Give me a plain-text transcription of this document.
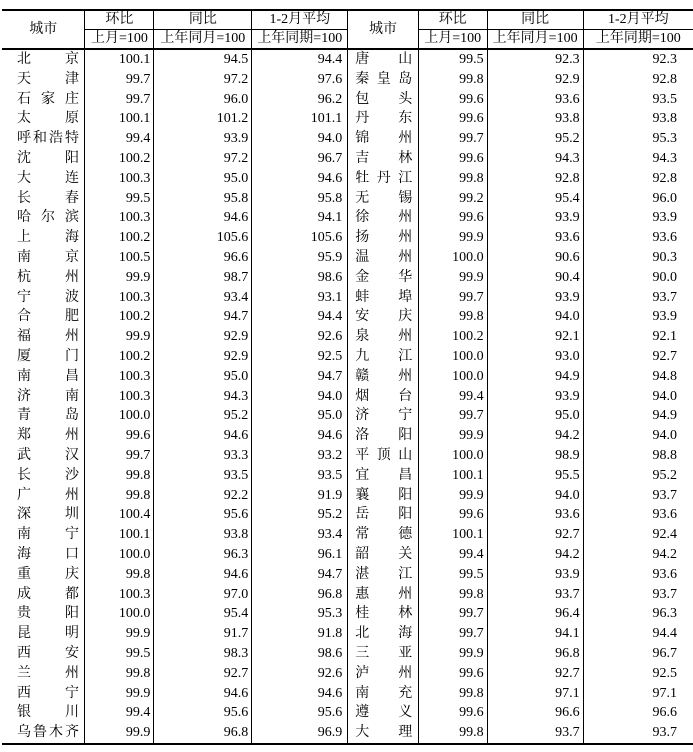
城市	环比	同比	1-2月平均
	上月=100	上年同月=100	上年同期=100

北 京	100.1	94.5	94.4

天 津	99.7	97.2	97.6

石 家 庄	99.7	96.0	96.2

太 原	100.1	101.2	101.1

呼 和 浩 特	99.4	93.9	94.0

沈 阳	100.2	97.2	96.7

大 连	100.3	95.0	94.6

长 春	99.5	95.8	95.8

哈 尔 滨	100.3	94.6	94.1

上 海	100.2	105.6	105.6

南 京	100.5	96.6	95.9

杭 州	99.9	98.7	98.6

宁 波	100.3	93.4	93.1

合 肥	100.2	94.7	94.4

福 州	99.9	92.9	92.6

厦 门	100.2	92.9	92.5

南 昌	100.3	95.0	94.7

济 南	100.3	94.3	94.0

青 岛	100.0	95.2	95.0

郑 州	99.6	94.6	94.6

武 汉	99.7	93.3	93.2

长 沙	99.8	93.5	93.5

广 州	99.8	92.2	91.9

深 圳	100.4	95.6	95.2

南 宁	100.1	93.8	93.4

海 口	100.0	96.3	96.1

重 庆	99.8	94.6	94.7

成 都	100.3	97.0	96.8

贵 阳	100.0	95.4	95.3

昆 明	99.9	91.7	91.8

西 安	99.5	98.3	98.6

兰 州	99.8	92.7	92.6

西 宁	99.9	94.6	94.6

银 川	99.4	95.6	95.6

乌 鲁 木 齐	99.9	96.8	96.9
城市	环比	同比	1-2月平均
	上月=100	上年同月=100	上年同期=100

唐 山	99.5	92.3	92.3

秦 皇 岛	99.8	92.9	92.8

包 头	99.6	93.6	93.5

丹 东	99.6	93.8	93.8

锦 州	99.7	95.2	95.3

吉 林	99.6	94.3	94.3

牡 丹 江	99.8	92.8	92.8

无 锡	99.2	95.4	96.0

徐 州	99.6	93.9	93.9

扬 州	99.9	93.6	93.6

温 州	100.0	90.6	90.3

金 华	99.9	90.4	90.0

蚌 埠	99.7	93.9	93.7

安 庆	99.8	94.0	93.9

泉 州	100.2	92.1	92.1

九 江	100.0	93.0	92.7

赣 州	100.0	94.9	94.8

烟 台	99.4	93.9	94.0

济 宁	99.7	95.0	94.9

洛 阳	99.9	94.2	94.0

平 顶 山	100.0	98.9	98.8

宜 昌	100.1	95.5	95.2

襄 阳	99.9	94.0	93.7

岳 阳	99.6	93.6	93.6

常 德	100.1	92.7	92.4

韶 关	99.4	94.2	94.2

湛 江	99.5	93.9	93.6

惠 州	99.8	93.7	93.7

桂 林	99.7	96.4	96.3

北 海	99.7	94.1	94.4

三 亚	99.9	96.8	96.7

泸 州	99.6	92.7	92.5

南 充	99.8	97.1	97.1

遵 义	99.6	96.6	96.6

大 理	99.8	93.7	93.7
